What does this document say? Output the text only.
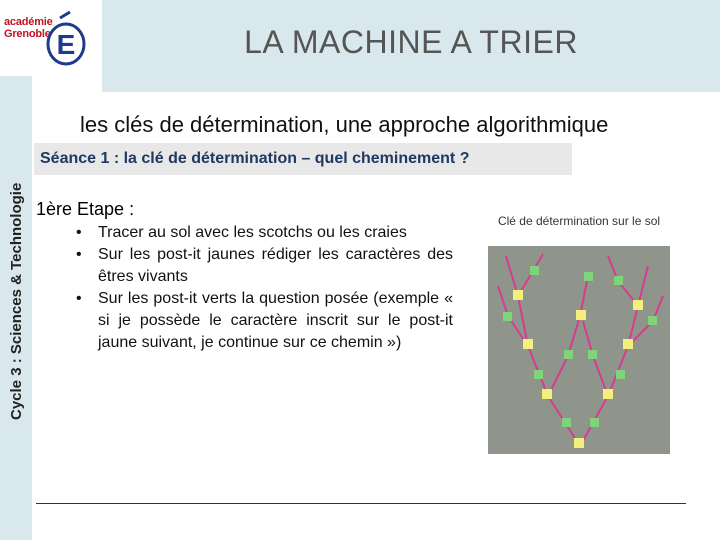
académie
Grenoble E	LA MACHINE A TRIER
Cycle 3 : Sciences & Technologie
les clés de détermination, une approche algorithmique
Séance 1 : la clé de détermination – quel cheminement ?
1ère Etape :
• Tracer au sol avec les scotchs ou les craies
• Sur les post-it jaunes rédiger les caractères des êtres vivants
• Sur les post-it verts la question posée (exemple « si je possède le caractère inscrit sur le post-it jaune suivant, je continue sur ce chemin »)
Clé de détermination sur le sol
